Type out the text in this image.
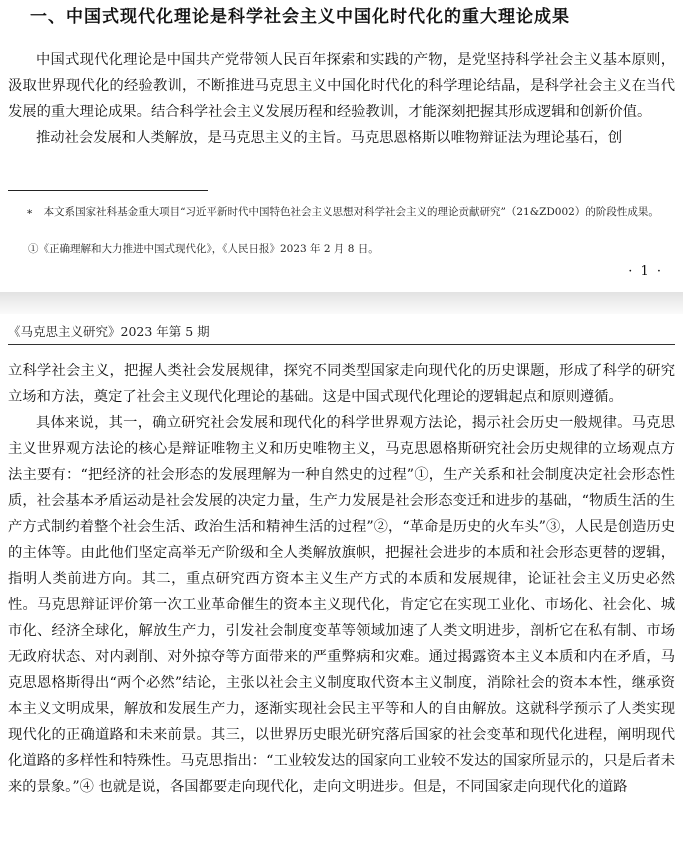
一、中国式现代化理论是科学社会主义中国化时代化的重大理论成果

中国式现代化理论是中国共产党带领人民百年探索和实践的产物，是党坚持科学社会主义基本原则，汲取世界现代化的经验教训，不断推进马克思主义中国化时代化的科学理论结晶，是科学社会主义在当代发展的重大理论成果。结合科学社会主义发展历程和经验教训，才能深刻把握其形成逻辑和创新价值。

推动社会发展和人类解放，是马克思主义的主旨。马克思恩格斯以唯物辩证法为理论基石，创

∗　本文系国家社科基金重大项目“习近平新时代中国特色社会主义思想对科学社会主义的理论贡献研究”（21&ZD002）的阶段性成果。
①《正确理解和大力推进中国式现代化》，《人民日报》2023 年 2 月 8 日。
· 1 ·
《马克思主义研究》2023 年第 5 期

立科学社会主义，把握人类社会发展规律，探究不同类型国家走向现代化的历史课题，形成了科学的研究立场和方法，奠定了社会主义现代化理论的基础。这是中国式现代化理论的逻辑起点和原则遵循。

具体来说，其一，确立研究社会发展和现代化的科学世界观方法论，揭示社会历史一般规律。马克思主义世界观方法论的核心是辩证唯物主义和历史唯物主义，马克思恩格斯研究社会历史规律的立场观点方法主要有：“把经济的社会形态的发展理解为一种自然史的过程”①，生产关系和社会制度决定社会形态性质，社会基本矛盾运动是社会发展的决定力量，生产力发展是社会形态变迁和进步的基础，“物质生活的生产方式制约着整个社会生活、政治生活和精神生活的过程”②，“革命是历史的火车头”③，人民是创造历史的主体等。由此他们坚定高举无产阶级和全人类解放旗帜，把握社会进步的本质和社会形态更替的逻辑，指明人类前进方向。其二，重点研究西方资本主义生产方式的本质和发展规律，论证社会主义历史必然性。马克思辩证评价第一次工业革命催生的资本主义现代化，肯定它在实现工业化、市场化、社会化、城市化、经济全球化，解放生产力，引发社会制度变革等领域加速了人类文明进步，剖析它在私有制、市场无政府状态、对内剥削、对外掠夺等方面带来的严重弊病和灾难。通过揭露资本主义本质和内在矛盾，马克思恩格斯得出“两个必然”结论，主张以社会主义制度取代资本主义制度，消除社会的资本本性，继承资本主义文明成果，解放和发展生产力，逐渐实现社会民主平等和人的自由解放。这就科学预示了人类实现现代化的正确道路和未来前景。其三，以世界历史眼光研究落后国家的社会变革和现代化进程，阐明现代化道路的多样性和特殊性。马克思指出：“工业较发达的国家向工业较不发达的国家所显示的，只是后者未来的景象。”④ 也就是说，各国都要走向现代化，走向文明进步。但是，不同国家走向现代化的道路
